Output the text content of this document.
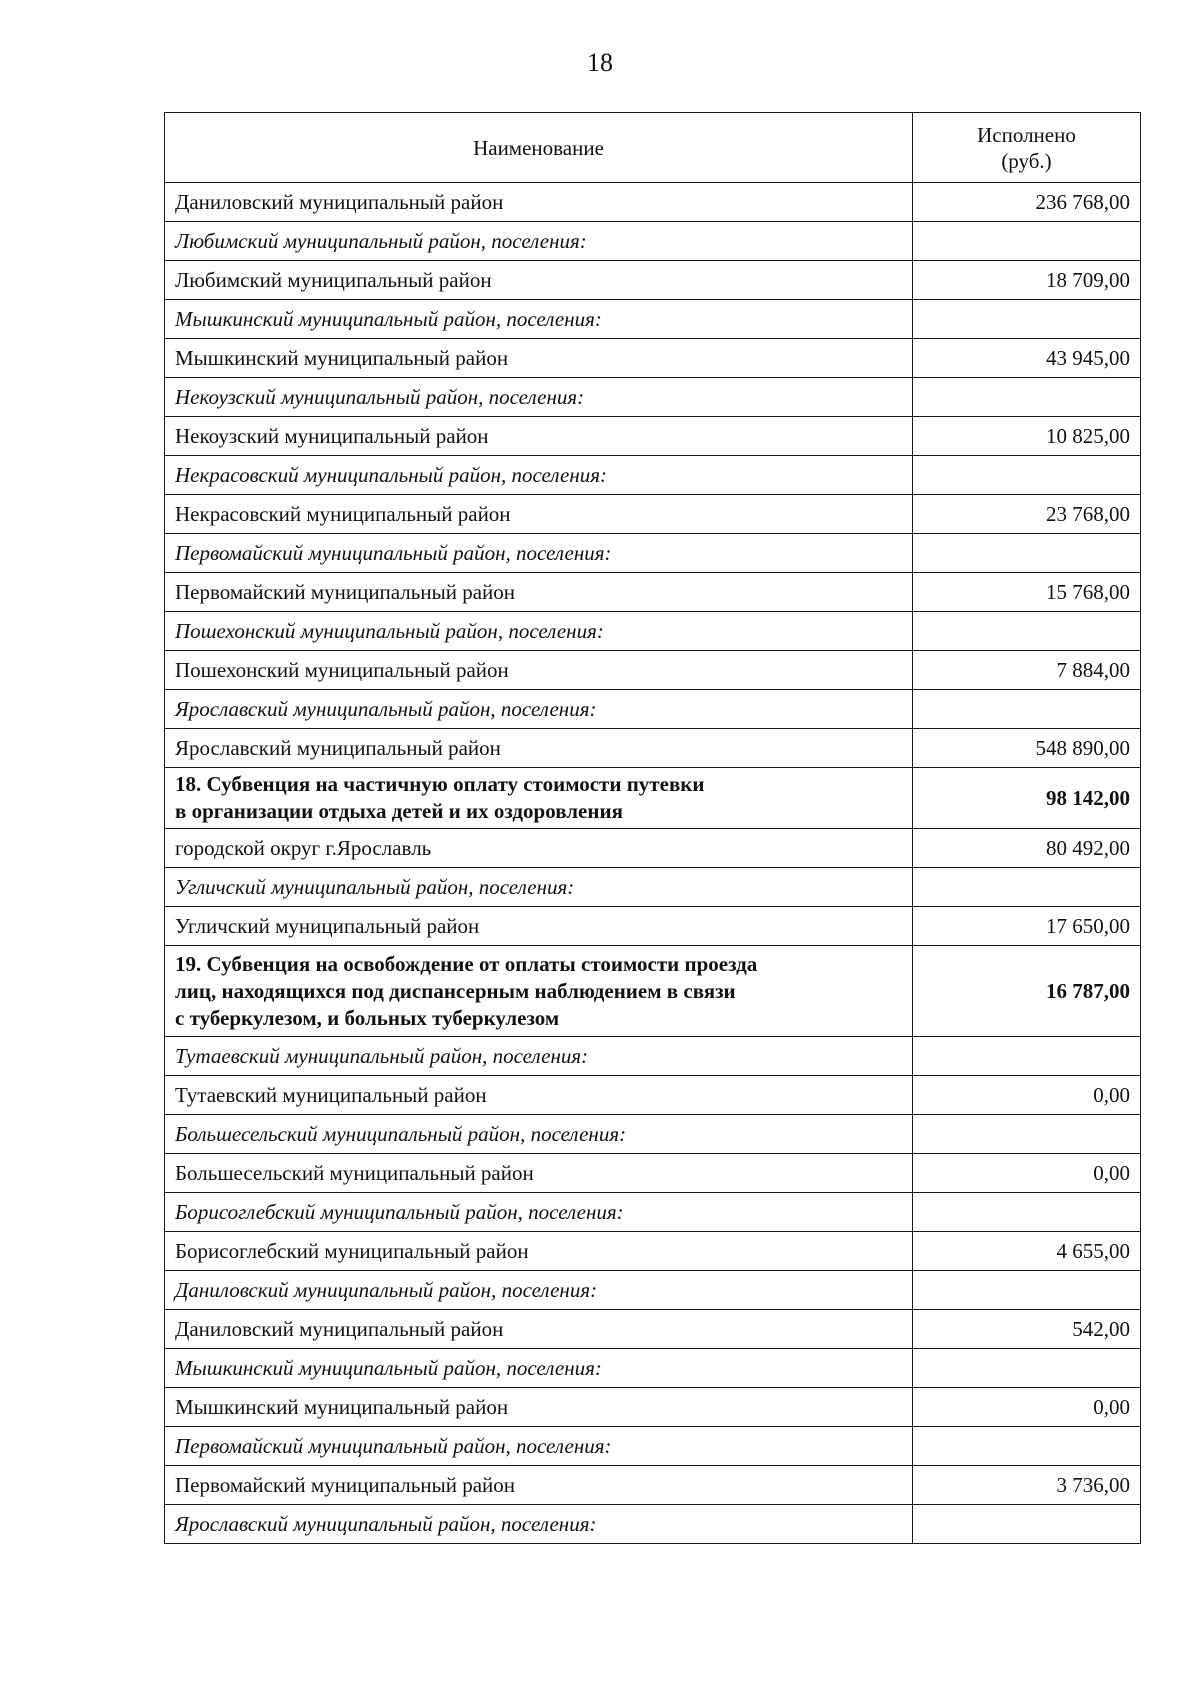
18
Наименование	Исполнено
(руб.)

Даниловский муниципальный район	236 768,00
Любимский муниципальный район, поселения:	
Любимский муниципальный район	18 709,00
Мышкинский муниципальный район, поселения:	
Мышкинский муниципальный район	43 945,00
Некоузский муниципальный район, поселения:	
Некоузский муниципальный район	10 825,00
Некрасовский муниципальный район, поселения:	
Некрасовский муниципальный район	23 768,00
Первомайский муниципальный район, поселения:	
Первомайский муниципальный район	15 768,00
Пошехонский муниципальный район, поселения:	
Пошехонский муниципальный район	7 884,00
Ярославский муниципальный район, поселения:	
Ярославский муниципальный район	548 890,00

18. Субвенция на частичную оплату стоимости путевки
в организации отдыха детей и их оздоровления	98 142,00
городской округ г.Ярославль	80 492,00
Угличский муниципальный район, поселения:	
Угличский муниципальный район	17 650,00

19. Субвенция на освобождение от оплаты стоимости проезда
лиц, находящихся под диспансерным наблюдением в связи
с туберкулезом, и больных туберкулезом	16 787,00
Тутаевский муниципальный район, поселения:	
Тутаевский муниципальный район	0,00
Большесельский муниципальный район, поселения:	
Большесельский муниципальный район	0,00
Борисоглебский муниципальный район, поселения:	
Борисоглебский муниципальный район	4 655,00
Даниловский муниципальный район, поселения:	
Даниловский муниципальный район	542,00
Мышкинский муниципальный район, поселения:	
Мышкинский муниципальный район	0,00
Первомайский муниципальный район, поселения:	
Первомайский муниципальный район	3 736,00
Ярославский муниципальный район, поселения:	
